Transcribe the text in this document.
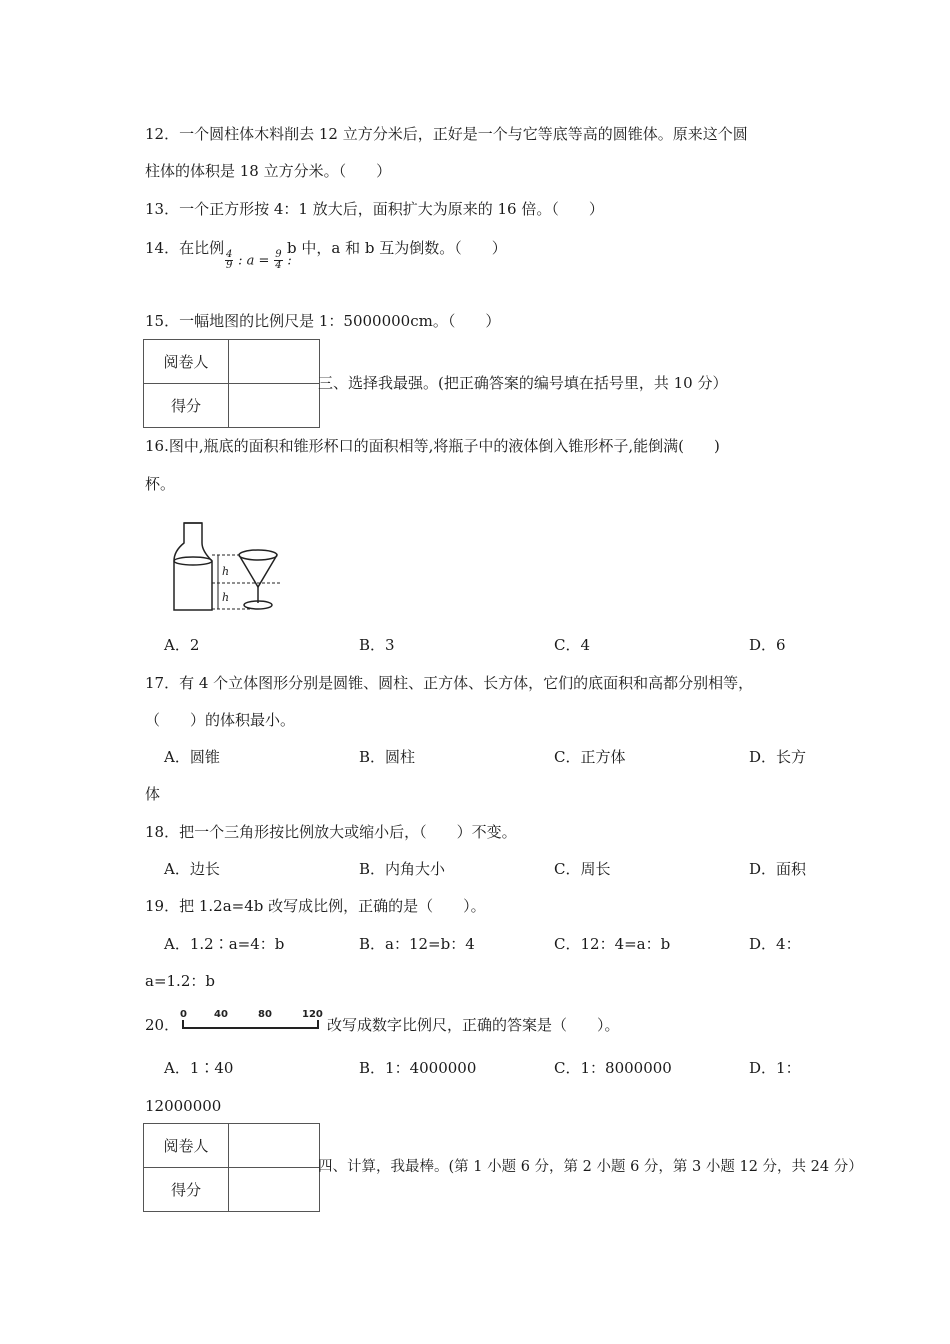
12．一个圆柱体木料削去 12 立方分米后，正好是一个与它等底等高的圆锥体。原来这个圆
柱体的体积是 18 立方分米。（　　）
13．一个正方形按 4：1 放大后，面积扩大为原来的 16 倍。（　　）
14．在比例
$\frac{4}{9}$ : $a = \frac{9}{4}$ :
b 中，a 和 b 互为倒数。（　　）
15．一幅地图的比例尺是 1：5000000cm。（　　）
阅卷人	
得分	
三、选择我最强。(把正确答案的编号填在括号里，共 10 分）
16.图中,瓶底的面积和锥形杯口的面积相等,将瓶子中的液体倒入锥形杯子,能倒满(　　)
杯。
h
h
A．2	B．3	C．4	D．6
17．有 4 个立体图形分别是圆锥、圆柱、正方体、长方体，它们的底面积和高都分别相等，
（　　）的体积最小。
A．圆锥	B．圆柱	C．正方体	D．长方
体
18．把一个三角形按比例放大或缩小后，（　　）不变。
A．边长	B．内角大小	C．周长	D．面积
19．把 1.2a=4b 改写成比例，正确的是（　　）。
A．1.2∶a=4：b	B．a：12=b：4	C．12：4=a：b	D．4：
a=1.2：b
20．
0	40	80	120
改写成数字比例尺，正确的答案是（　　）。
A．1∶40	B．1：4000000	C．1：8000000	D．1：
12000000
阅卷人	
得分	
四、计算，我最棒。(第 1 小题 6 分，第 2 小题 6 分，第 3 小题 12 分，共 24 分）
